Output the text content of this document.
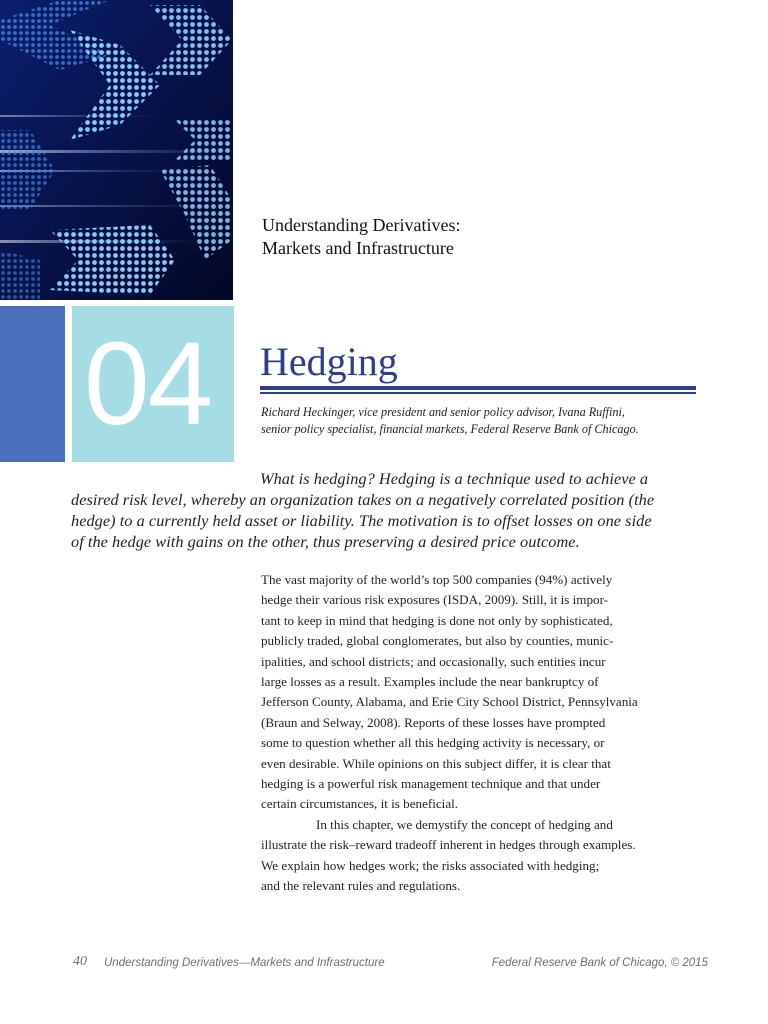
Understanding Derivatives:
Markets and Infrastructure
04 Hedging

Richard Heckinger, vice president and senior policy advisor, Ivana Ruffini,
senior policy specialist, financial markets, Federal Reserve Bank of Chicago.

What is hedging? Hedging is a technique used to achieve a
desired risk level, whereby an organization takes on a negatively correlated position (the
hedge) to a currently held asset or liability. The motivation is to offset losses on one side
of the hedge with gains on the other, thus preserving a desired price outcome.

The vast majority of the world’s top 500 companies (94%) actively
hedge their various risk exposures (ISDA, 2009). Still, it is impor-
tant to keep in mind that hedging is done not only by sophisticated,
publicly traded, global conglomerates, but also by counties, munic-
ipalities, and school districts; and occasionally, such entities incur
large losses as a result. Examples include the near bankruptcy of
Jefferson County, Alabama, and Erie City School District, Pennsylvania
(Braun and Selway, 2008). Reports of these losses have prompted
some to question whether all this hedging activity is necessary, or
even desirable. While opinions on this subject differ, it is clear that
hedging is a powerful risk management technique and that under
certain circumstances, it is beneficial.
In this chapter, we demystify the concept of hedging and
illustrate the risk–reward tradeoff inherent in hedges through examples.
We explain how hedges work; the risks associated with hedging;
and the relevant rules and regulations.
40 Understanding Derivatives—Markets and Infrastructure	Federal Reserve Bank of Chicago, © 2015
